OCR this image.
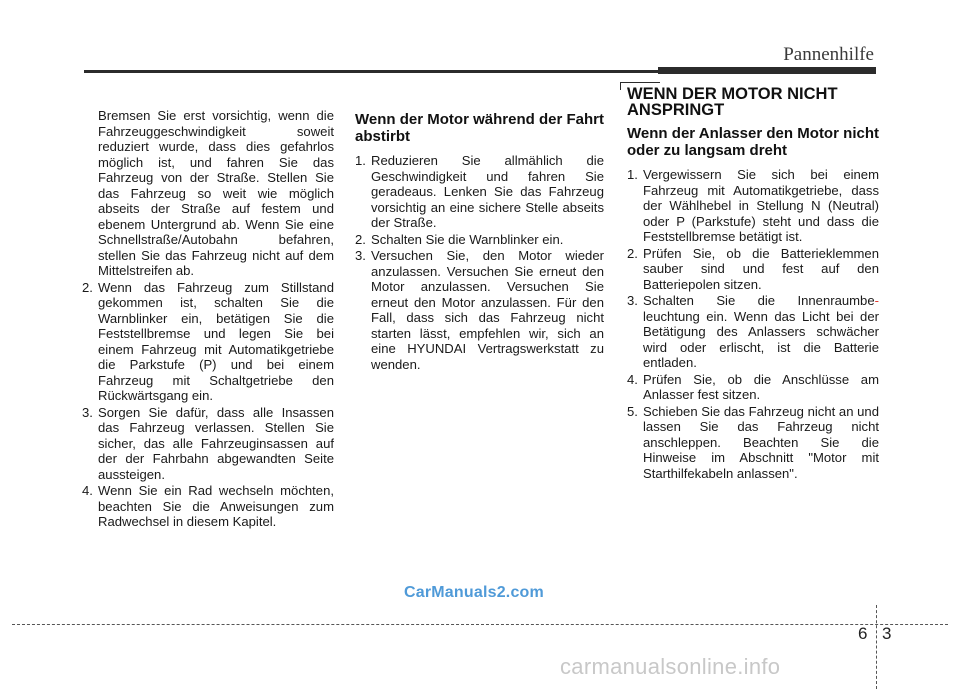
Pannenhilfe

Bremsen Sie erst vorsichtig, wenn die Fahrzeuggeschwindigkeit soweit reduziert wurde, dass dies gefahrlos möglich ist, und fahren Sie das Fahrzeug von der Straße. Stellen Sie das Fahrzeug so weit wie möglich abseits der Straße auf festem und ebenem Untergrund ab. Wenn Sie eine Schnellstraße/Autobahn befahren, stellen Sie das Fahrzeug nicht auf dem Mittelstreifen ab.

2. Wenn das Fahrzeug zum Stillstand gekommen ist, schalten Sie die Warnblinker ein, betätigen Sie die Feststellbremse und legen Sie bei einem Fahrzeug mit Automatikgetriebe die Parkstufe (P) und bei einem Fahrzeug mit Schaltgetriebe den Rückwärtsgang ein.
3. Sorgen Sie dafür, dass alle Insassen das Fahrzeug verlassen. Stellen Sie sicher, das alle Fahrzeuginsassen auf der der Fahrbahn abgewandten Seite aussteigen.
4. Wenn Sie ein Rad wechseln möchten, beachten Sie die Anweisungen zum Radwechsel in diesem Kapitel.
Wenn der Motor während der Fahrt abstirbt
1. Reduzieren Sie allmählich die Geschwindigkeit und fahren Sie geradeaus. Lenken Sie das Fahrzeug vorsichtig an eine sichere Stelle abseits der Straße.
2. Schalten Sie die Warnblinker ein.
3. Versuchen Sie, den Motor wieder anzulassen. Versuchen Sie erneut den Motor anzulassen. Versuchen Sie erneut den Motor anzulassen. Für den Fall, dass sich das Fahrzeug nicht starten lässt, empfehlen wir, sich an eine HYUNDAI Vertragswerkstatt zu wenden.
WENN DER MOTOR NICHT ANSPRINGT
Wenn der Anlasser den Motor nicht oder zu langsam dreht
1. Vergewissern Sie sich bei einem Fahrzeug mit Automatikgetriebe, dass der Wählhebel in Stellung N (Neutral) oder P (Parkstufe) steht und dass die Feststellbremse betätigt ist.
2. Prüfen Sie, ob die Batterieklemmen sauber sind und fest auf den Batteriepolen sitzen.
3. Schalten Sie die Innenraumbe-leuchtung ein. Wenn das Licht bei der Betätigung des Anlassers schwächer wird oder erlischt, ist die Batterie entladen.
4. Prüfen Sie, ob die Anschlüsse am Anlasser fest sitzen.
5. Schieben Sie das Fahrzeug nicht an und lassen Sie das Fahrzeug nicht anschleppen. Beachten Sie die Hinweise im Abschnitt "Motor mit Starthilfekabeln anlassen".
CarManuals2.com
6 3
carmanualsonline.info
